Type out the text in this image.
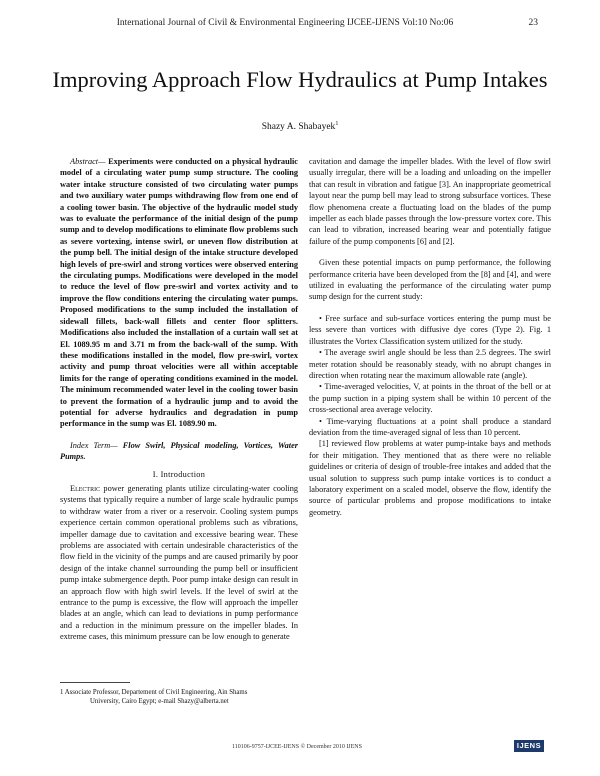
International Journal of Civil & Environmental Engineering IJCEE-IJENS Vol:10 No:06	23
Improving Approach Flow Hydraulics at Pump Intakes
Shazy A. Shabayek$^1$

Abstract— Experiments were conducted on a physical hydraulic model of a circulating water pump sump structure. The cooling water intake structure consisted of two circulating water pumps and two auxiliary water pumps withdrawing flow from one end of a cooling tower basin. The objective of the hydraulic model study was to evaluate the performance of the initial design of the pump sump and to develop modifications to eliminate flow problems such as severe vortexing, intense swirl, or uneven flow distribution at the pump bell. The initial design of the intake structure developed high levels of pre-swirl and strong vortices were observed entering the circulating pumps. Modifications were developed in the model to reduce the level of flow pre-swirl and vortex activity and to improve the flow conditions entering the circulating water pumps. Proposed modifications to the sump included the installation of sidewall fillets, back-wall fillets and center floor splitters. Modifications also included the installation of a curtain wall set at El. 1089.95 m and 3.71 m from the back-wall of the sump. With these modifications installed in the model, flow pre-swirl, vortex activity and pump throat velocities were all within acceptable limits for the range of operating conditions examined in the model. The minimum recommended water level in the cooling tower basin to prevent the formation of a hydraulic jump and to avoid the potential for adverse hydraulics and degradation in pump performance in the sump was El. 1089.90 m.

Index Term— Flow Swirl, Physical modeling, Vortices, Water Pumps.

I. Introduction

Electric power generating plants utilize circulating-water cooling systems that typically require a number of large scale hydraulic pumps to withdraw water from a river or a reservoir. Cooling system pumps experience certain common operational problems such as vibrations, impeller damage due to cavitation and excessive bearing wear. These problems are associated with certain undesirable characteristics of the flow field in the vicinity of the pumps and are caused primarily by poor design of the intake channel surrounding the pump bell or insufficient pump intake submergence depth. Poor pump intake design can result in an approach flow with high swirl levels. If the level of swirl at the entrance to the pump is excessive, the flow will approach the impeller blades at an angle, which can lead to deviations in pump performance and a reduction in the minimum pressure on the impeller blades. In extreme cases, this minimum pressure can be low enough to generate

cavitation and damage the impeller blades. With the level of flow swirl usually irregular, there will be a loading and unloading on the impeller that can result in vibration and fatigue [3]. An inappropriate geometrical layout near the pump bell may lead to strong subsurface vortices. These flow phenomena create a fluctuating load on the blades of the pump impeller as each blade passes through the low-pressure vortex core. This can lead to vibration, increased bearing wear and potentially fatigue failure of the pump components [6] and [2].

Given these potential impacts on pump performance, the following performance criteria have been developed from the [8] and [4], and were utilized in evaluating the performance of the circulating water pump sump design for the current study:

• Free surface and sub-surface vortices entering the pump must be less severe than vortices with diffusive dye cores (Type 2). Fig. 1 illustrates the Vortex Classification system utilized for the study.

• The average swirl angle should be less than 2.5 degrees. The swirl meter rotation should be reasonably steady, with no abrupt changes in direction when rotating near the maximum allowable rate (angle).

• Time-averaged velocities, V, at points in the throat of the bell or at the pump suction in a piping system shall be within 10 percent of the cross-sectional area average velocity.

• Time-varying fluctuations at a point shall produce a standard deviation from the time-averaged signal of less than 10 percent.

[1] reviewed flow problems at water pump-intake bays and methods for their mitigation. They mentioned that as there were no reliable guidelines or criteria of design of trouble-free intakes and added that the usual solution to suppress such pump intake vortices is to conduct a laboratory experiment on a scaled model, observe the flow, identify the source of particular problems and propose modifications to intake geometry.

1 Associate Professor, Departement of Civil Engineering, Ain Shams
University, Cairo Egypt; e-mail Shazy@alberta.net
110106-9757-IJCEE-IJENS © December 2010 IJENS	IJENS
